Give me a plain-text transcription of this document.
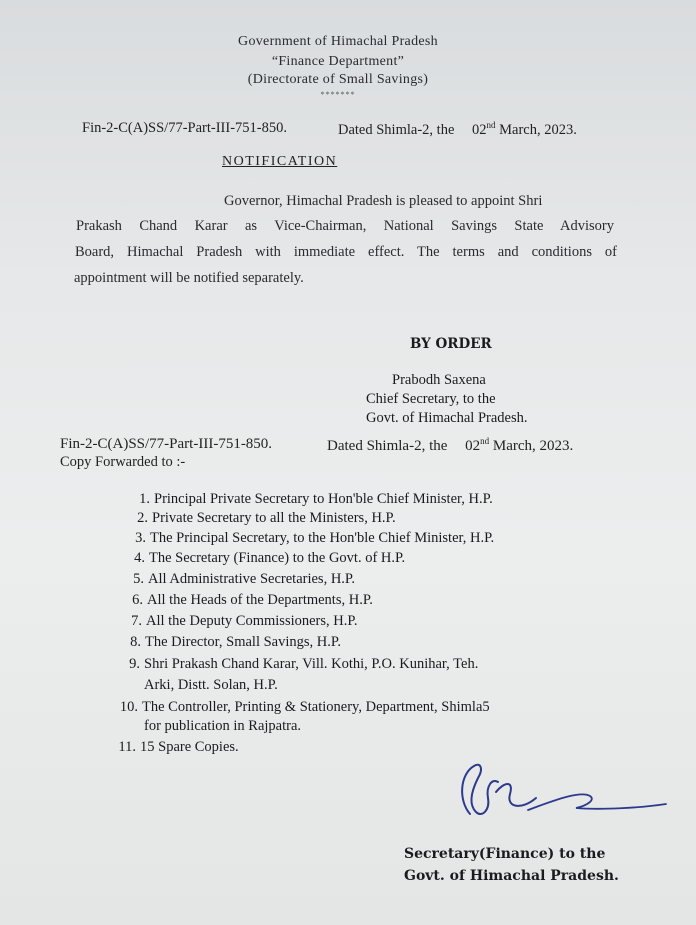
Government of Himachal Pradesh
“Finance Department”
(Directorate of Small Savings)
*******
Fin-2-C(A)SS/77-Part-III-751-850.	Dated Shimla-2, the 02nd March, 2023.
NOTIFICATION
Governor, Himachal Pradesh is pleased to appoint Shri
Prakash Chand Karar as Vice-Chairman, National Savings State Advisory
Board, Himachal Pradesh with immediate effect. The terms and conditions of
appointment will be notified separately.
BY ORDER
Prabodh Saxena
Chief Secretary, to the
Govt. of Himachal Pradesh.
Fin-2-C(A)SS/77-Part-III-751-850.	Dated Shimla-2, the 02nd March, 2023.
Copy Forwarded to :-
1. Principal Private Secretary to Hon'ble Chief Minister, H.P.
2. Private Secretary to all the Ministers, H.P.
3. The Principal Secretary, to the Hon'ble Chief Minister, H.P.
4. The Secretary (Finance) to the Govt. of H.P.
5. All Administrative Secretaries, H.P.
6. All the Heads of the Departments, H.P.
7. All the Deputy Commissioners, H.P.
8. The Director, Small Savings, H.P.
9. Shri Prakash Chand Karar, Vill. Kothi, P.O. Kunihar, Teh.
Arki, Distt. Solan, H.P.
10. The Controller, Printing & Stationery, Department, Shimla5
for publication in Rajpatra.
11. 15 Spare Copies.
Secretary(Finance) to the
Govt. of Himachal Pradesh.
